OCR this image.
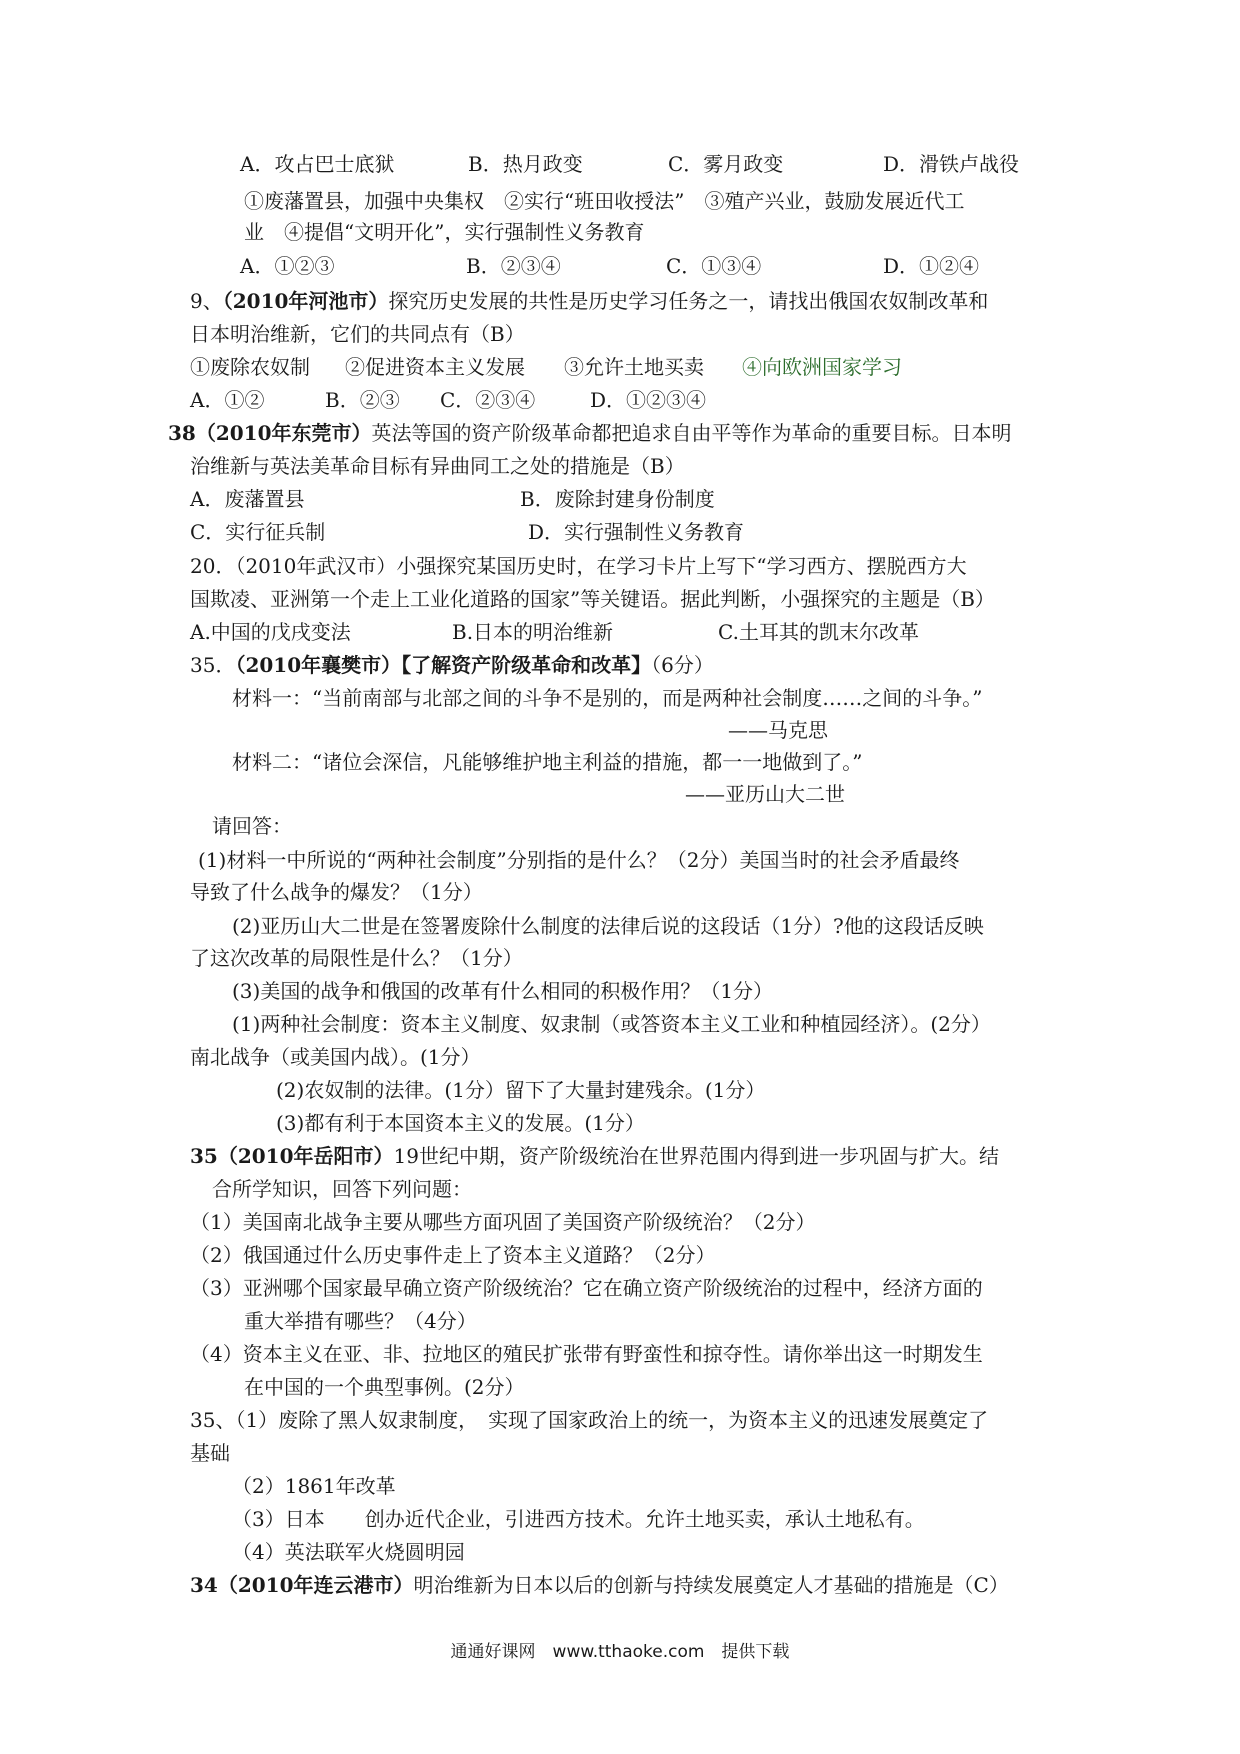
A．攻占巴士底狱	B．热月政变	C．雾月政变	D．滑铁卢战役
①废藩置县，加强中央集权　②实行“班田收授法”　③殖产兴业，鼓励发展近代工
业　④提倡“文明开化”，实行强制性义务教育
A．①②③	B．②③④	C．①③④	D．①②④
9、（2010年河池市）探究历史发展的共性是历史学习任务之一，请找出俄国农奴制改革和
日本明治维新，它们的共同点有（B）
①废除农奴制 ②促进资本主义发展 ③允许土地买卖 ④向欧洲国家学习
A．①②	B．②③ C．②③④	D．①②③④
38（2010年东莞市）英法等国的资产阶级革命都把追求自由平等作为革命的重要目标。日本明
治维新与英法美革命目标有异曲同工之处的措施是（B）
A．废藩置县	B．废除封建身份制度
C．实行征兵制	D．实行强制性义务教育
20．（2010年武汉市）小强探究某国历史时，在学习卡片上写下“学习西方、摆脱西方大
国欺凌、亚洲第一个走上工业化道路的国家”等关键语。据此判断，小强探究的主题是（B）
A.中国的戊戌变法	B.日本的明治维新	C.土耳其的凯末尔改革
35．（2010年襄樊市）【了解资产阶级革命和改革】（6分）
材料一：“当前南部与北部之间的斗争不是别的，而是两种社会制度……之间的斗争。”
——马克思
材料二：“诸位会深信，凡能够维护地主利益的措施，都一一地做到了。”
——亚历山大二世
请回答：
(1)材料一中所说的“两种社会制度”分别指的是什么？（2分）美国当时的社会矛盾最终
导致了什么战争的爆发？（1分）
(2)亚历山大二世是在签署废除什么制度的法律后说的这段话（1分）?他的这段话反映
了这次改革的局限性是什么？（1分）
(3)美国的战争和俄国的改革有什么相同的积极作用？（1分）
(1)两种社会制度：资本主义制度、奴隶制（或答资本主义工业和种植园经济）。(2分）
南北战争（或美国内战）。(1分）
(2)农奴制的法律。(1分）留下了大量封建残余。(1分）
(3)都有利于本国资本主义的发展。(1分）
35（2010年岳阳市）19世纪中期，资产阶级统治在世界范围内得到进一步巩固与扩大。结
合所学知识，回答下列问题：
（1）美国南北战争主要从哪些方面巩固了美国资产阶级统治？（2分）
（2）俄国通过什么历史事件走上了资本主义道路？（2分）
（3）亚洲哪个国家最早确立资产阶级统治？它在确立资产阶级统治的过程中，经济方面的
重大举措有哪些？（4分）
（4）资本主义在亚、非、拉地区的殖民扩张带有野蛮性和掠夺性。请你举出这一时期发生
在中国的一个典型事例。(2分）
35、（1）废除了黑人奴隶制度，　实现了国家政治上的统一，为资本主义的迅速发展奠定了
基础
（2）1861年改革
（3）日本　　创办近代企业，引进西方技术。允许土地买卖，承认土地私有。
（4）英法联军火烧圆明园
34（2010年连云港市）明治维新为日本以后的创新与持续发展奠定人才基础的措施是（C）
通通好课网　www.tthaoke.com　提供下载
